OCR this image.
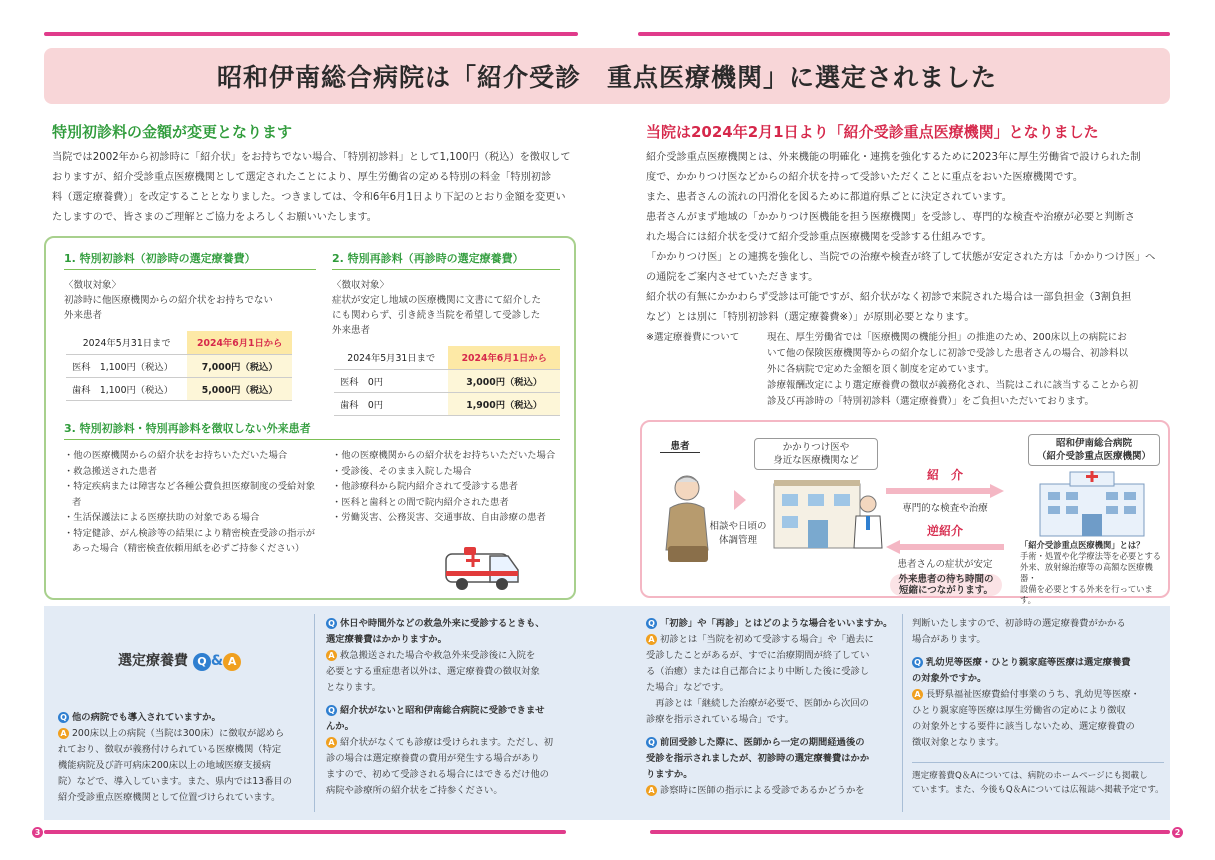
昭和伊南総合病院は「紹介受診　重点医療機関」に選定されました
特別初診料の金額が変更となります

当院では2002年から初診時に「紹介状」をお持ちでない場合、「特別初診料」として1,100円（税込）を徴収して

おりますが、紹介受診重点医療機関として選定されたことにより、厚生労働省の定める特別の料金「特別初診

料（選定療養費）」を改定することとなりました。つきましては、令和6年6月1日より下記のとおり金額を変更い

たしますので、皆さまのご理解とご協力をよろしくお願いいたします。

1. 特別初診料（初診時の選定療養費）
〈徴収対象〉
初診時に他医療機関からの紹介状をお持ちでない
外来患者
2024年5月31日まで	2024年6月1日から
医科　1,100円（税込）	7,000円（税込）
歯科　1,100円（税込）	5,000円（税込）
2. 特別再診料（再診時の選定療養費）
〈徴収対象〉
症状が安定し地域の医療機関に文書にて紹介した
にも関わらず、引き続き当院を希望して受診した
外来患者
2024年5月31日まで	2024年6月1日から
医科　0円	3,000円（税込）
歯科　0円	1,900円（税込）
3. 特別初診料・特別再診料を徴収しない外来患者
・他の医療機関からの紹介状をお持ちいただいた場合
・救急搬送された患者
・特定疾病または障害など各種公費負担医療制度の受給対象者
・生活保護法による医療扶助の対象である場合
・特定健診、がん検診等の結果により精密検査受診の指示があった場合（精密検査依頼用紙を必ずご持参ください）
・他の医療機関からの紹介状をお持ちいただいた場合
・受診後、そのまま入院した場合
・他診療科から院内紹介されて受診する患者
・医科と歯科との間で院内紹介された患者
・労働災害、公務災害、交通事故、自由診療の患者
当院は2024年2月1日より「紹介受診重点医療機関」となりました

紹介受診重点医療機関とは、外来機能の明確化・連携を強化するために2023年に厚生労働省で設けられた制

度で、かかりつけ医などからの紹介状を持って受診いただくことに重点をおいた医療機関です。

また、患者さんの流れの円滑化を図るために都道府県ごとに決定されています。

患者さんがまず地域の「かかりつけ医機能を担う医療機関」を受診し、専門的な検査や治療が必要と判断さ

れた場合には紹介状を受けて紹介受診重点医療機関を受診する仕組みです。

「かかりつけ医」との連携を強化し、当院での治療や検査が終了して状態が安定された方は「かかりつけ医」へ

の通院をご案内させていただきます。

紹介状の有無にかかわらず受診は可能ですが、紹介状がなく初診で来院された場合は一部負担金（3割負担

など）とは別に「特別初診料（選定療養費※）」が原則必要となります。

※選定療養費について	現在、厚生労働省では「医療機関の機能分担」の推進のため、200床以上の病院にお
いて他の保険医療機関等からの紹介なしに初診で受診した患者さんの場合、初診料以
外に各病院で定めた金額を頂く制度を定めています。
診療報酬改定により選定療養費の徴収が義務化され、当院はこれに該当することから初
診及び再診時の「特別初診料（選定療養費）」をご負担いただいております。
患者
相談や日頃の
体調管理
かかりつけ医や
身近な医療機関など
紹　介
専門的な検査や治療
逆紹介
患者さんの症状が安定
外来患者の待ち時間の
短縮につながります。
昭和伊南総合病院
（紹介受診重点医療機関）
「紹介受診重点医療機関」とは？
手術・処置や化学療法等を必要とする
外来、放射線治療等の高額な医療機器・
設備を必要とする外来を行っています。
選定療養費 Q & A
Q 他の病院でも導入されていますか。
A 200床以上の病院（当院は300床）に徴収が認めら
れており、徴収が義務付けられている医療機関（特定
機能病院及び許可病床200床以上の地域医療支援病
院）などで、導入しています。また、県内では13番目の
紹介受診重点医療機関として位置づけられています。
Q 休日や時間外などの救急外来に受診するときも、
選定療養費はかかりますか。
A 救急搬送された場合や救急外来受診後に入院を
必要とする重症患者以外は、選定療養費の徴収対象
となります。
Q 紹介状がないと昭和伊南総合病院に受診できませ
んか。
A 紹介状がなくても診療は受けられます。ただし、初
診の場合は選定療養費の費用が発生する場合があり
ますので、初めて受診される場合にはできるだけ他の
病院や診療所の紹介状をご持参ください。
Q 「初診」や「再診」とはどのような場合をいいますか。
A 初診とは「当院を初めて受診する場合」や「過去に
受診したことがあるが、すでに治療期間が終了してい
る（治癒）または自己都合により中断した後に受診し
た場合」などです。
　再診とは「継続した治療が必要で、医師から次回の
診療を指示されている場合」です。
Q 前回受診した際に、医師から一定の期間経過後の
受診を指示されましたが、初診時の選定療養費はかか
りますか。
A 診察時に医師の指示による受診であるかどうかを
判断いたしますので、初診時の選定療養費がかかる
場合があります。
Q 乳幼児等医療・ひとり親家庭等医療は選定療養費
の対象外ですか。
A 長野県福祉医療費給付事業のうち、乳幼児等医療・
ひとり親家庭等医療は厚生労働省の定めにより徴収
の対象外とする要件に該当しないため、選定療養費の
徴収対象となります。
選定療養費Q＆Aについては、病院のホームページにも掲載し
ています。また、今後もQ＆Aについては広報誌へ掲載予定です。
3	2
